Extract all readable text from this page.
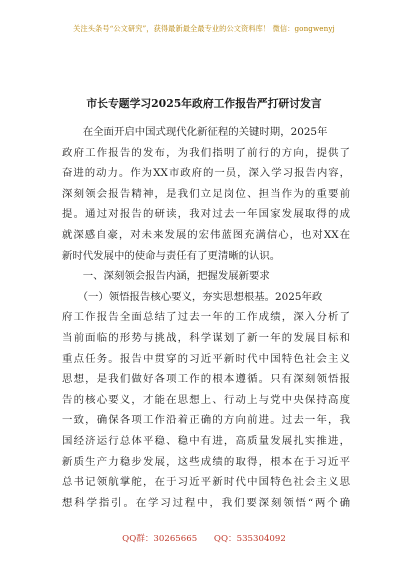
关注头条号“公文研究”，获得最新最全最专业的公文资料库！ 微信：gongwenyj
市长专题学习2025年政府工作报告严打研讨发言
　　在全面开启中国式现代化新征程的关键时期，2025年
政府工作报告的发布，为我们指明了前行的方向，提供了
奋进的动力。作为XX市政府的一员，深入学习报告内容，
深刻领会报告精神，是我们立足岗位、担当作为的重要前
提。通过对报告的研读，我对过去一年国家发展取得的成
就深感自豪，对未来发展的宏伟蓝图充满信心，也对XX在
新时代发展中的使命与责任有了更清晰的认识。
　　一、深刻领会报告内涵，把握发展新要求
　　（一）领悟报告核心要义，夯实思想根基。2025年政
府工作报告全面总结了过去一年的工作成绩，深入分析了
当前面临的形势与挑战，科学谋划了新一年的发展目标和
重点任务。报告中贯穿的习近平新时代中国特色社会主义
思想，是我们做好各项工作的根本遵循。只有深刻领悟报
告的核心要义，才能在思想上、行动上与党中央保持高度
一致，确保各项工作沿着正确的方向前进。过去一年，我
国经济运行总体平稳、稳中有进，高质量发展扎实推进，
新质生产力稳步发展，这些成绩的取得，根本在于习近平
总书记领航掌舵，在于习近平新时代中国特色社会主义思
想科学指引。在学习过程中，我们要深刻领悟“两个确
QQ群：30265665 QQ：535304092
